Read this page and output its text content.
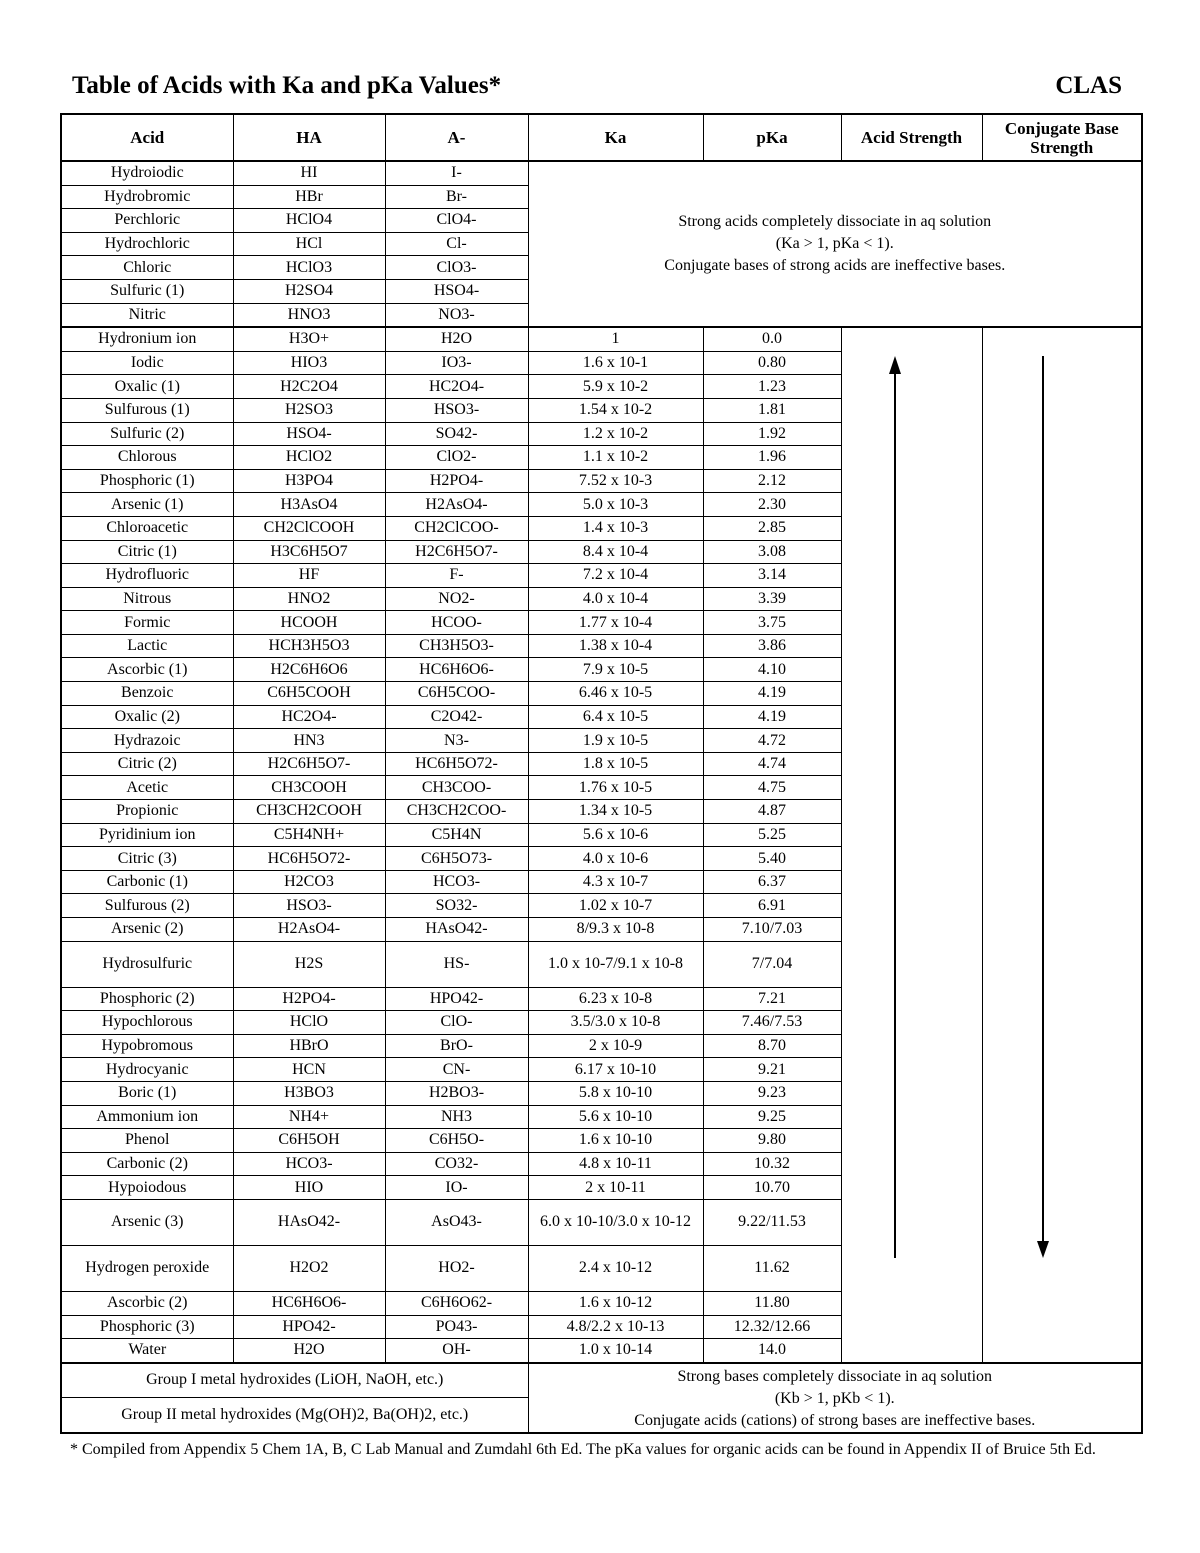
Table of Acids with Ka and pKa Values*	CLAS
Acid	HA	A-	Ka	pKa	Acid Strength	Conjugate Base Strength
Hydroiodic	HI	I-	Strong acids completely dissociate in aq solution
(Ka > 1, pKa < 1).
Conjugate bases of strong acids are ineffective bases.			

Hydrobromic	HBr	Br-				
Perchloric	HClO4	ClO4-				
Hydrochloric	HCl	Cl-				
Chloric	HClO3	ClO3-				
Sulfuric (1)	H2SO4	HSO4-				
Nitric	HNO3	NO3-				
Hydronium ion	H3O+	H2O	1	0.0	

Iodic	HIO3	IO3-	1.6 x 10-1	0.80		
Oxalic (1)	H2C2O4	HC2O4-	5.9 x 10-2	1.23		
Sulfurous (1)	H2SO3	HSO3-	1.54 x 10-2	1.81		
Sulfuric (2)	HSO4-	SO42-	1.2 x 10-2	1.92		
Chlorous	HClO2	ClO2-	1.1 x 10-2	1.96		
Phosphoric (1)	H3PO4	H2PO4-	7.52 x 10-3	2.12		
Arsenic (1)	H3AsO4	H2AsO4-	5.0 x 10-3	2.30		
Chloroacetic	CH2ClCOOH	CH2ClCOO-	1.4 x 10-3	2.85		
Citric (1)	H3C6H5O7	H2C6H5O7-	8.4 x 10-4	3.08		
Hydrofluoric	HF	F-	7.2 x 10-4	3.14		
Nitrous	HNO2	NO2-	4.0 x 10-4	3.39		
Formic	HCOOH	HCOO-	1.77 x 10-4	3.75		
Lactic	HCH3H5O3	CH3H5O3-	1.38 x 10-4	3.86		
Ascorbic (1)	H2C6H6O6	HC6H6O6-	7.9 x 10-5	4.10		
Benzoic	C6H5COOH	C6H5COO-	6.46 x 10-5	4.19		
Oxalic (2)	HC2O4-	C2O42-	6.4 x 10-5	4.19		
Hydrazoic	HN3	N3-	1.9 x 10-5	4.72		
Citric (2)	H2C6H5O7-	HC6H5O72-	1.8 x 10-5	4.74		
Acetic	CH3COOH	CH3COO-	1.76 x 10-5	4.75		
Propionic	CH3CH2COOH	CH3CH2COO-	1.34 x 10-5	4.87		
Pyridinium ion	C5H4NH+	C5H4N	5.6 x 10-6	5.25		
Citric (3)	HC6H5O72-	C6H5O73-	4.0 x 10-6	5.40		
Carbonic (1)	H2CO3	HCO3-	4.3 x 10-7	6.37		
Sulfurous (2)	HSO3-	SO32-	1.02 x 10-7	6.91		
Arsenic (2)	H2AsO4-	HAsO42-	8/9.3 x 10-8	7.10/7.03		
Hydrosulfuric	H2S	HS-	1.0 x 10-7/9.1 x 10-8	7/7.04		
Phosphoric (2)	H2PO4-	HPO42-	6.23 x 10-8	7.21		
Hypochlorous	HClO	ClO-	3.5/3.0 x 10-8	7.46/7.53		
Hypobromous	HBrO	BrO-	2 x 10-9	8.70		
Hydrocyanic	HCN	CN-	6.17 x 10-10	9.21		
Boric (1)	H3BO3	H2BO3-	5.8 x 10-10	9.23		
Ammonium ion	NH4+	NH3	5.6 x 10-10	9.25		
Phenol	C6H5OH	C6H5O-	1.6 x 10-10	9.80		
Carbonic (2)	HCO3-	CO32-	4.8 x 10-11	10.32		
Hypoiodous	HIO	IO-	2 x 10-11	10.70		
Arsenic (3)	HAsO42-	AsO43-	6.0 x 10-10/3.0 x 10-12	9.22/11.53		
Hydrogen peroxide	H2O2	HO2-	2.4 x 10-12	11.62		
Ascorbic (2)	HC6H6O6-	C6H6O62-	1.6 x 10-12	11.80		
Phosphoric (3)	HPO42-	PO43-	4.8/2.2 x 10-13	12.32/12.66		
Water	H2O	OH-	1.0 x 10-14	14.0		
Group I metal hydroxides (LiOH, NaOH, etc.)			Strong bases completely dissociate in aq solution
(Kb > 1, pKb < 1).
Conjugate acids (cations) of strong bases are ineffective bases.			

Group II metal hydroxides (Mg(OH)2, Ba(OH)2, etc.)						
* Compiled from Appendix 5 Chem 1A, B, C Lab Manual and Zumdahl 6th Ed. The pKa values for organic acids can be found in Appendix II of Bruice 5th Ed.
